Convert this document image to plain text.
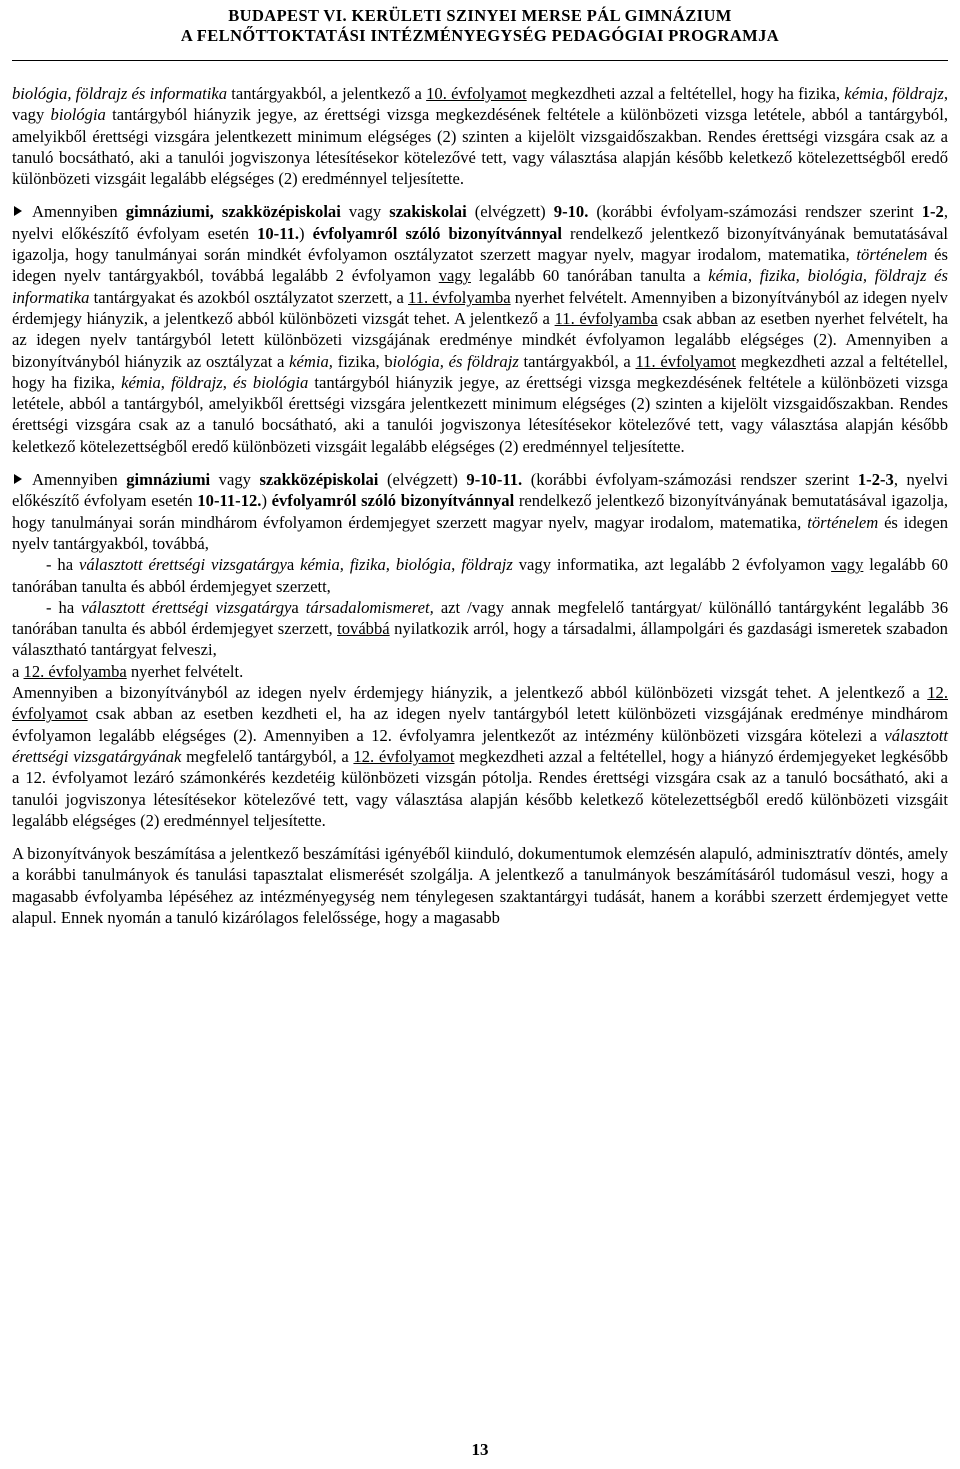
BUDAPEST VI. KERÜLETI SZINYEI MERSE PÁL GIMNÁZIUM
A FELNŐTTOKTATÁSI INTÉZMÉNYEGYSÉG PEDAGÓGIAI PROGRAMJA

biológia, földrajz és informatika tantárgyakból, a jelentkező a 10. évfolyamot megkezdheti azzal a feltétellel, hogy ha fizika, kémia, földrajz, vagy biológia tantárgyból hiányzik jegye, az érettségi vizsga megkezdésének feltétele a különbözeti vizsga letétele, abból a tantárgyból, amelyikből érettségi vizsgára jelentkezett minimum elégséges (2) szinten a kijelölt vizsgaidőszakban. Rendes érettségi vizsgára csak az a tanuló bocsátható, aki a tanulói jogviszonya létesítésekor kötelezővé tett, vagy választása alapján később keletkező kötelezettségből eredő különbözeti vizsgáit legalább elégséges (2) eredménnyel teljesítette.

Amennyiben gimnáziumi, szakközépiskolai vagy szakiskolai (elvégzett) 9-10. (korábbi évfolyam-számozási rendszer szerint 1-2, nyelvi előkészítő évfolyam esetén 10-11.) évfolyamról szóló bizonyítvánnyal rendelkező jelentkező bizonyítványának bemutatásával igazolja, hogy tanulmányai során mindkét évfolyamon osztályzatot szerzett magyar nyelv, magyar irodalom, matematika, történelem és idegen nyelv tantárgyakból, továbbá legalább 2 évfolyamon vagy legalább 60 tanórában tanulta a kémia, fizika, biológia, földrajz és informatika tantárgyakat és azokból osztályzatot szerzett, a 11. évfolyamba nyerhet felvételt. Amennyiben a bizonyítványból az idegen nyelv érdemjegy hiányzik, a jelentkező abból különbözeti vizsgát tehet. A jelentkező a 11. évfolyamba csak abban az esetben nyerhet felvételt, ha az idegen nyelv tantárgyból letett különbözeti vizsgájának eredménye mindkét évfolyamon legalább elégséges (2). Amennyiben a bizonyítványból hiányzik az osztályzat a kémia, fizika, biológia, és földrajz tantárgyakból, a 11. évfolyamot megkezdheti azzal a feltétellel, hogy ha fizika, kémia, földrajz, és biológia tantárgyból hiányzik jegye, az érettségi vizsga megkezdésének feltétele a különbözeti vizsga letétele, abból a tantárgyból, amelyikből érettségi vizsgára jelentkezett minimum elégséges (2) szinten a kijelölt vizsgaidőszakban. Rendes érettségi vizsgára csak az a tanuló bocsátható, aki a tanulói jogviszonya létesítésekor kötelezővé tett, vagy választása alapján később keletkező kötelezettségből eredő különbözeti vizsgáit legalább elégséges (2) eredménnyel teljesítette.

Amennyiben gimnáziumi vagy szakközépiskolai (elvégzett) 9-10-11. (korábbi évfolyam-számozási rendszer szerint 1-2-3, nyelvi előkészítő évfolyam esetén 10-11-12.) évfolyamról szóló bizonyítvánnyal rendelkező jelentkező bizonyítványának bemutatásával igazolja, hogy tanulmányai során mindhárom évfolyamon érdemjegyet szerzett magyar nyelv, magyar irodalom, matematika, történelem és idegen nyelv tantárgyakból, továbbá,

- ha választott érettségi vizsgatárgya kémia, fizika, biológia, földrajz vagy informatika, azt legalább 2 évfolyamon vagy legalább 60 tanórában tanulta és abból érdemjegyet szerzett,

- ha választott érettségi vizsgatárgya társadalomismeret, azt /vagy annak megfelelő tantárgyat/ különálló tantárgyként legalább 36 tanórában tanulta és abból érdemjegyet szerzett, továbbá nyilatkozik arról, hogy a társadalmi, állampolgári és gazdasági ismeretek szabadon választható tantárgyat felveszi,

a 12. évfolyamba nyerhet felvételt.

Amennyiben a bizonyítványból az idegen nyelv érdemjegy hiányzik, a jelentkező abból különbözeti vizsgát tehet. A jelentkező a 12. évfolyamot csak abban az esetben kezdheti el, ha az idegen nyelv tantárgyból letett különbözeti vizsgájának eredménye mindhárom évfolyamon legalább elégséges (2). Amennyiben a 12. évfolyamra jelentkezőt az intézmény különbözeti vizsgára kötelezi a választott érettségi vizsgatárgyának megfelelő tantárgyból, a 12. évfolyamot megkezdheti azzal a feltétellel, hogy a hiányzó érdemjegyeket legkésőbb a 12. évfolyamot lezáró számonkérés kezdetéig különbözeti vizsgán pótolja. Rendes érettségi vizsgára csak az a tanuló bocsátható, aki a tanulói jogviszonya létesítésekor kötelezővé tett, vagy választása alapján később keletkező kötelezettségből eredő különbözeti vizsgáit legalább elégséges (2) eredménnyel teljesítette.

A bizonyítványok beszámítása a jelentkező beszámítási igényéből kiinduló, dokumentumok elemzésén alapuló, adminisztratív döntés, amely a korábbi tanulmányok és tanulási tapasztalat elismerését szolgálja. A jelentkező a tanulmányok beszámításáról tudomásul veszi, hogy a magasabb évfolyamba lépéséhez az intézményegység nem ténylegesen szaktantárgyi tudását, hanem a korábbi szerzett érdemjegyet vette alapul. Ennek nyomán a tanuló kizárólagos felelőssége, hogy a magasabb

13
